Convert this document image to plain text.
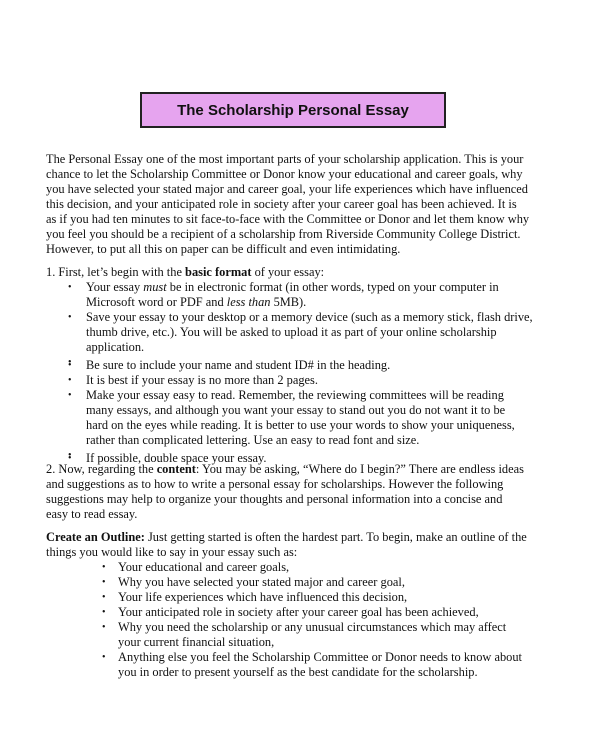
The Scholarship Personal Essay

The Personal Essay one of the most important parts of your scholarship application. This is your

chance to let the Scholarship Committee or Donor know your educational and career goals, why

you have selected your stated major and career goal, your life experiences which have influenced

this decision, and your anticipated role in society after your career goal has been achieved. It is

as if you had ten minutes to sit face-to-face with the Committee or Donor and let them know why

you feel you should be a recipient of a scholarship from Riverside Community College District.

However, to put all this on paper can be difficult and even intimidating.

1. First, let’s begin with the basic format of your essay:

• Your essay must be in electronic format (in other words, typed on your computer in
Microsoft word or PDF and less than 5MB).
• Save your essay to your desktop or a memory device (such as a memory stick, flash drive,
thumb drive, etc.). You will be asked to upload it as part of your online scholarship
application.
•
• Be sure to include your name and student ID# in the heading.
• It is best if your essay is no more than 2 pages.
• Make your essay easy to read. Remember, the reviewing committees will be reading
many essays, and although you want your essay to stand out you do not want it to be
hard on the eyes while reading. It is better to use your words to show your uniqueness,
rather than complicated lettering. Use an easy to read font and size.
•
• If possible, double space your essay.

2. Now, regarding the content: You may be asking, “Where do I begin?” There are endless ideas

and suggestions as to how to write a personal essay for scholarships. However the following

suggestions may help to organize your thoughts and personal information into a concise and

easy to read essay.

Create an Outline: Just getting started is often the hardest part. To begin, make an outline of the

things you would like to say in your essay such as:

• Your educational and career goals,
• Why you have selected your stated major and career goal,
• Your life experiences which have influenced this decision,
• Your anticipated role in society after your career goal has been achieved,
• Why you need the scholarship or any unusual circumstances which may affect
your current financial situation,
• Anything else you feel the Scholarship Committee or Donor needs to know about
you in order to present yourself as the best candidate for the scholarship.
